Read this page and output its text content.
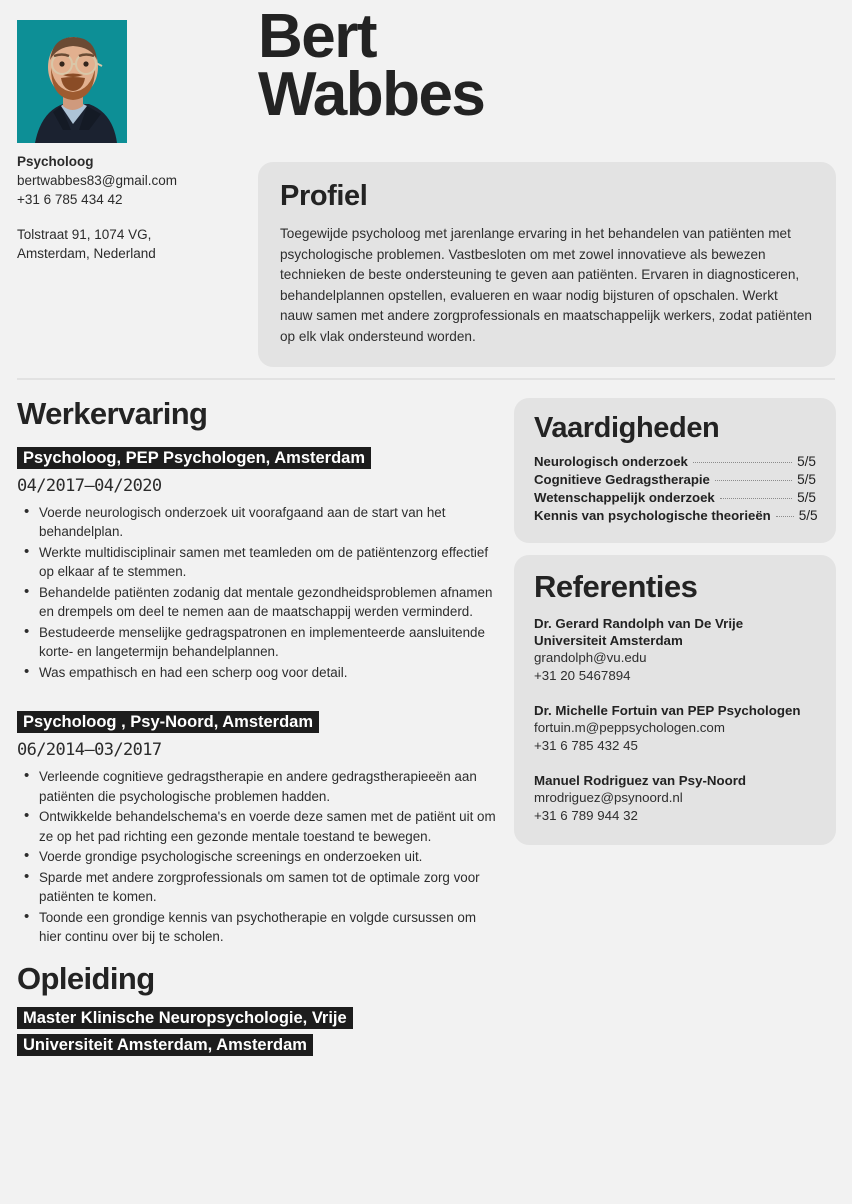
Psycholoog
bertwabbes83@gmail.com
+31 6 785 434 42
Tolstraat 91, 1074 VG,
Amsterdam, Nederland
Bert
Wabbes
Profiel

Toegewijde psycholoog met jarenlange ervaring in het behandelen van patiënten met psychologische problemen. Vastbesloten om met zowel innovatieve als bewezen technieken de beste ondersteuning te geven aan patiënten. Ervaren in diagnosticeren, behandelplannen opstellen, evalueren en waar nodig bijsturen of opschalen. Werkt nauw samen met andere zorgprofessionals en maatschappelijk werkers, zodat patiënten op elk vlak ondersteund worden.

Werkervaring
Psycholoog, PEP Psychologen, Amsterdam
04/2017—04/2020
• Voerde neurologisch onderzoek uit voorafgaand aan de start van het behandelplan.
• Werkte multidisciplinair samen met teamleden om de patiëntenzorg effectief op elkaar af te stemmen.
• Behandelde patiënten zodanig dat mentale gezondheidsproblemen afnamen en drempels om deel te nemen aan de maatschappij werden verminderd.
• Bestudeerde menselijke gedragspatronen en implementeerde aansluitende korte- en langetermijn behandelplannen.
• Was empathisch en had een scherp oog voor detail.
Psycholoog , Psy-Noord, Amsterdam
06/2014—03/2017
• Verleende cognitieve gedragstherapie en andere gedragstherapieeën aan patiënten die psychologische problemen hadden.
• Ontwikkelde behandelschema's en voerde deze samen met de patiënt uit om ze op het pad richting een gezonde mentale toestand te bewegen.
• Voerde grondige psychologische screenings en onderzoeken uit.
• Sparde met andere zorgprofessionals om samen tot de optimale zorg voor patiënten te komen.
• Toonde een grondige kennis van psychotherapie en volgde cursussen om hier continu over bij te scholen.
Opleiding
Master Klinische Neuropsychologie, Vrije
Universiteit Amsterdam, Amsterdam
Vaardigheden
Neurologisch onderzoek	5/5
Cognitieve Gedragstherapie	5/5
Wetenschappelijk onderzoek	5/5
Kennis van psychologische theorieën 5/5
Referenties
Dr. Gerard Randolph van De Vrije
Universiteit Amsterdam
grandolph@vu.edu
+31 20 5467894
Dr. Michelle Fortuin van PEP Psychologen
fortuin.m@peppsychologen.com
+31 6 785 432 45
Manuel Rodriguez van Psy-Noord
mrodriguez@psynoord.nl
+31 6 789 944 32
